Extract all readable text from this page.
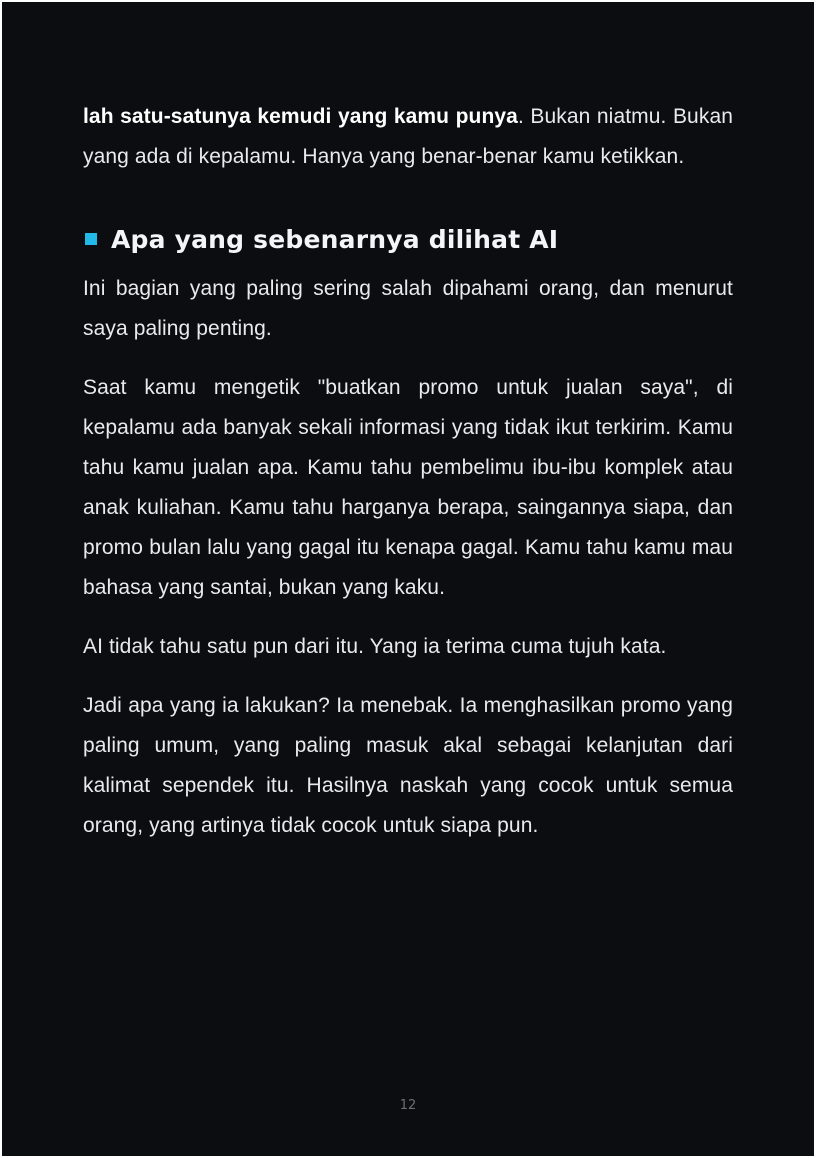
lah satu-satunya kemudi yang kamu punya. Bukan niatmu. Bukan yang ada di kepalamu. Hanya yang benar-benar kamu ketikkan.

Apa yang sebenarnya dilihat AI

Ini bagian yang paling sering salah dipahami orang, dan menurut saya paling penting.

Saat kamu mengetik "buatkan promo untuk jualan saya", di kepalamu ada banyak sekali informasi yang tidak ikut terkirim. Kamu tahu kamu jualan apa. Kamu tahu pembelimu ibu-ibu komplek atau anak kuliahan. Kamu tahu harganya berapa, saingannya siapa, dan promo bulan lalu yang gagal itu kenapa gagal. Kamu tahu kamu mau bahasa yang santai, bukan yang kaku.

AI tidak tahu satu pun dari itu. Yang ia terima cuma tujuh kata.

Jadi apa yang ia lakukan? Ia menebak. Ia menghasilkan promo yang paling umum, yang paling masuk akal sebagai kelanjutan dari kalimat sependek itu. Hasilnya naskah yang cocok untuk semua orang, yang artinya tidak cocok untuk siapa pun.

12
